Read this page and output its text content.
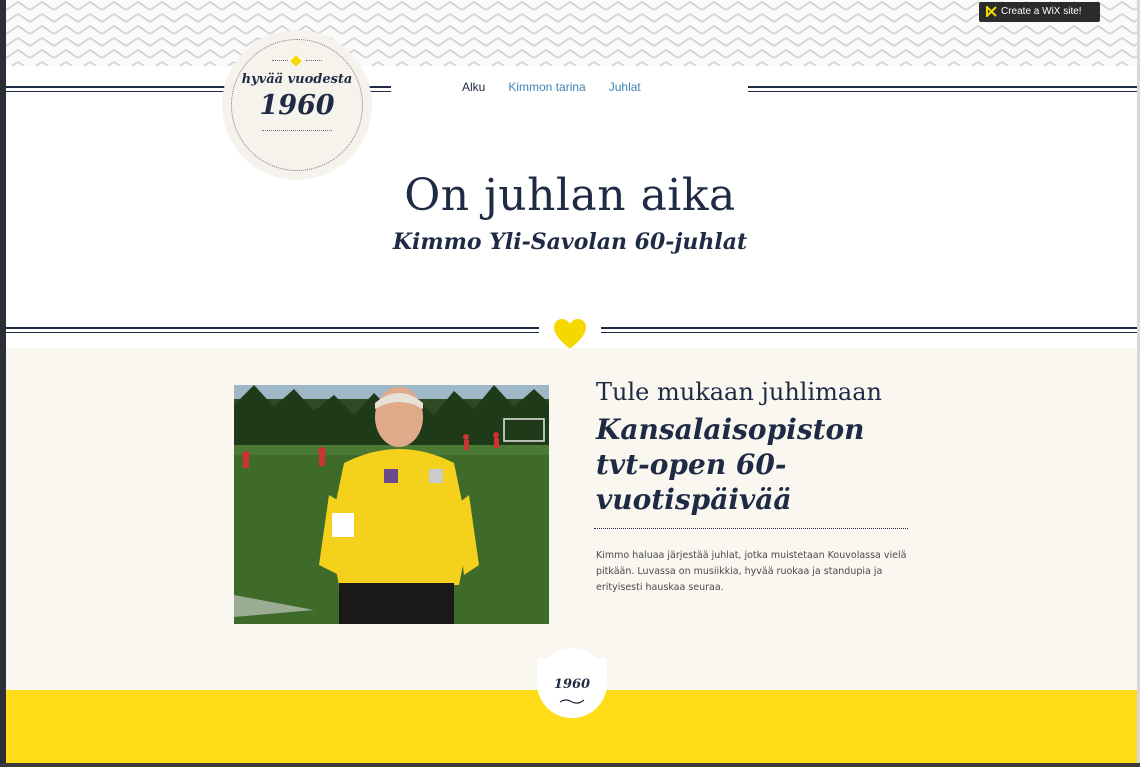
Create a WiX site!
hyvää vuodesta
1960
Alku Kimmon tarina Juhlat
On juhlan aika
Kimmo Yli-Savolan 60-juhlat
Tule mukaan juhlimaan
Kansalaisopiston tvt-open 60-vuotispäivää

Kimmo haluaa järjestää juhlat, jotka muistetaan Kouvolassa vielä pitkään. Luvassa on musiikkia, hyvää ruokaa ja standupia ja erityisesti hauskaa seuraa.

1960
